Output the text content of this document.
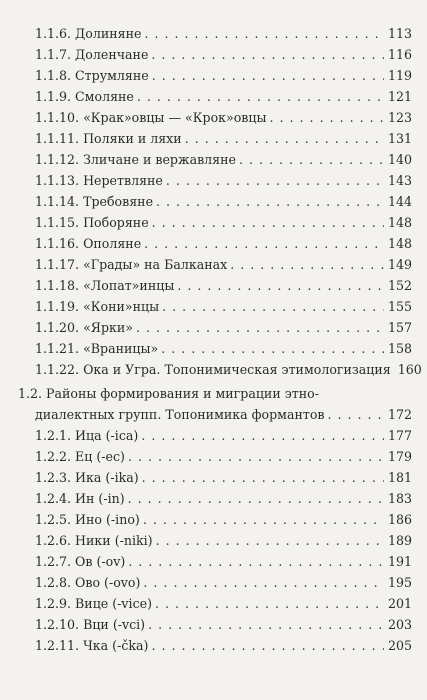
1.1.6. Долиняне . . .	113
1.1.7. Доленчане . . .	116
1.1.8. Струмляне . . .	119
1.1.9. Смоляне . . .	121
1.1.10. «Крак»овцы — «Крок»овцы . . .	123
1.1.11. Поляки и ляхи . . .	131
1.1.12. Зличане и вержавляне . . .	140
1.1.13. Неретвляне . . .	143
1.1.14. Требовяне . . .	144
1.1.15. Поборяне . . .	148
1.1.16. Ополяне . . .	148
1.1.17. «Грады» на Балканах . . .	149
1.1.18. «Лопат»инцы . . .	152
1.1.19. «Кони»нцы . . .	155
1.1.20. «Ярки» . . .	157
1.1.21. «Враницы» . . .	158
1.1.22. Ока и Угра. Топонимическая этимологизация 160
1.2. Районы формирования и миграции этно-
диалектных групп. Топонимика формантов . . .	172
1.2.1. Ица (-ica) . . .	177
1.2.2. Ец (-ec) . . .	179
1.2.3. Ика (-ika) . . .	181
1.2.4. Ин (-in) . . .	183
1.2.5. Ино (-ino) . . .	186
1.2.6. Ники (-niki) . . .	189
1.2.7. Ов (-ov) . . .	191
1.2.8. Ово (-ovo) . . .	195
1.2.9. Вице (-vice) . . .	201
1.2.10. Вци (-vci) . . .	203
1.2.11. Чка (-čka) . . .	205
